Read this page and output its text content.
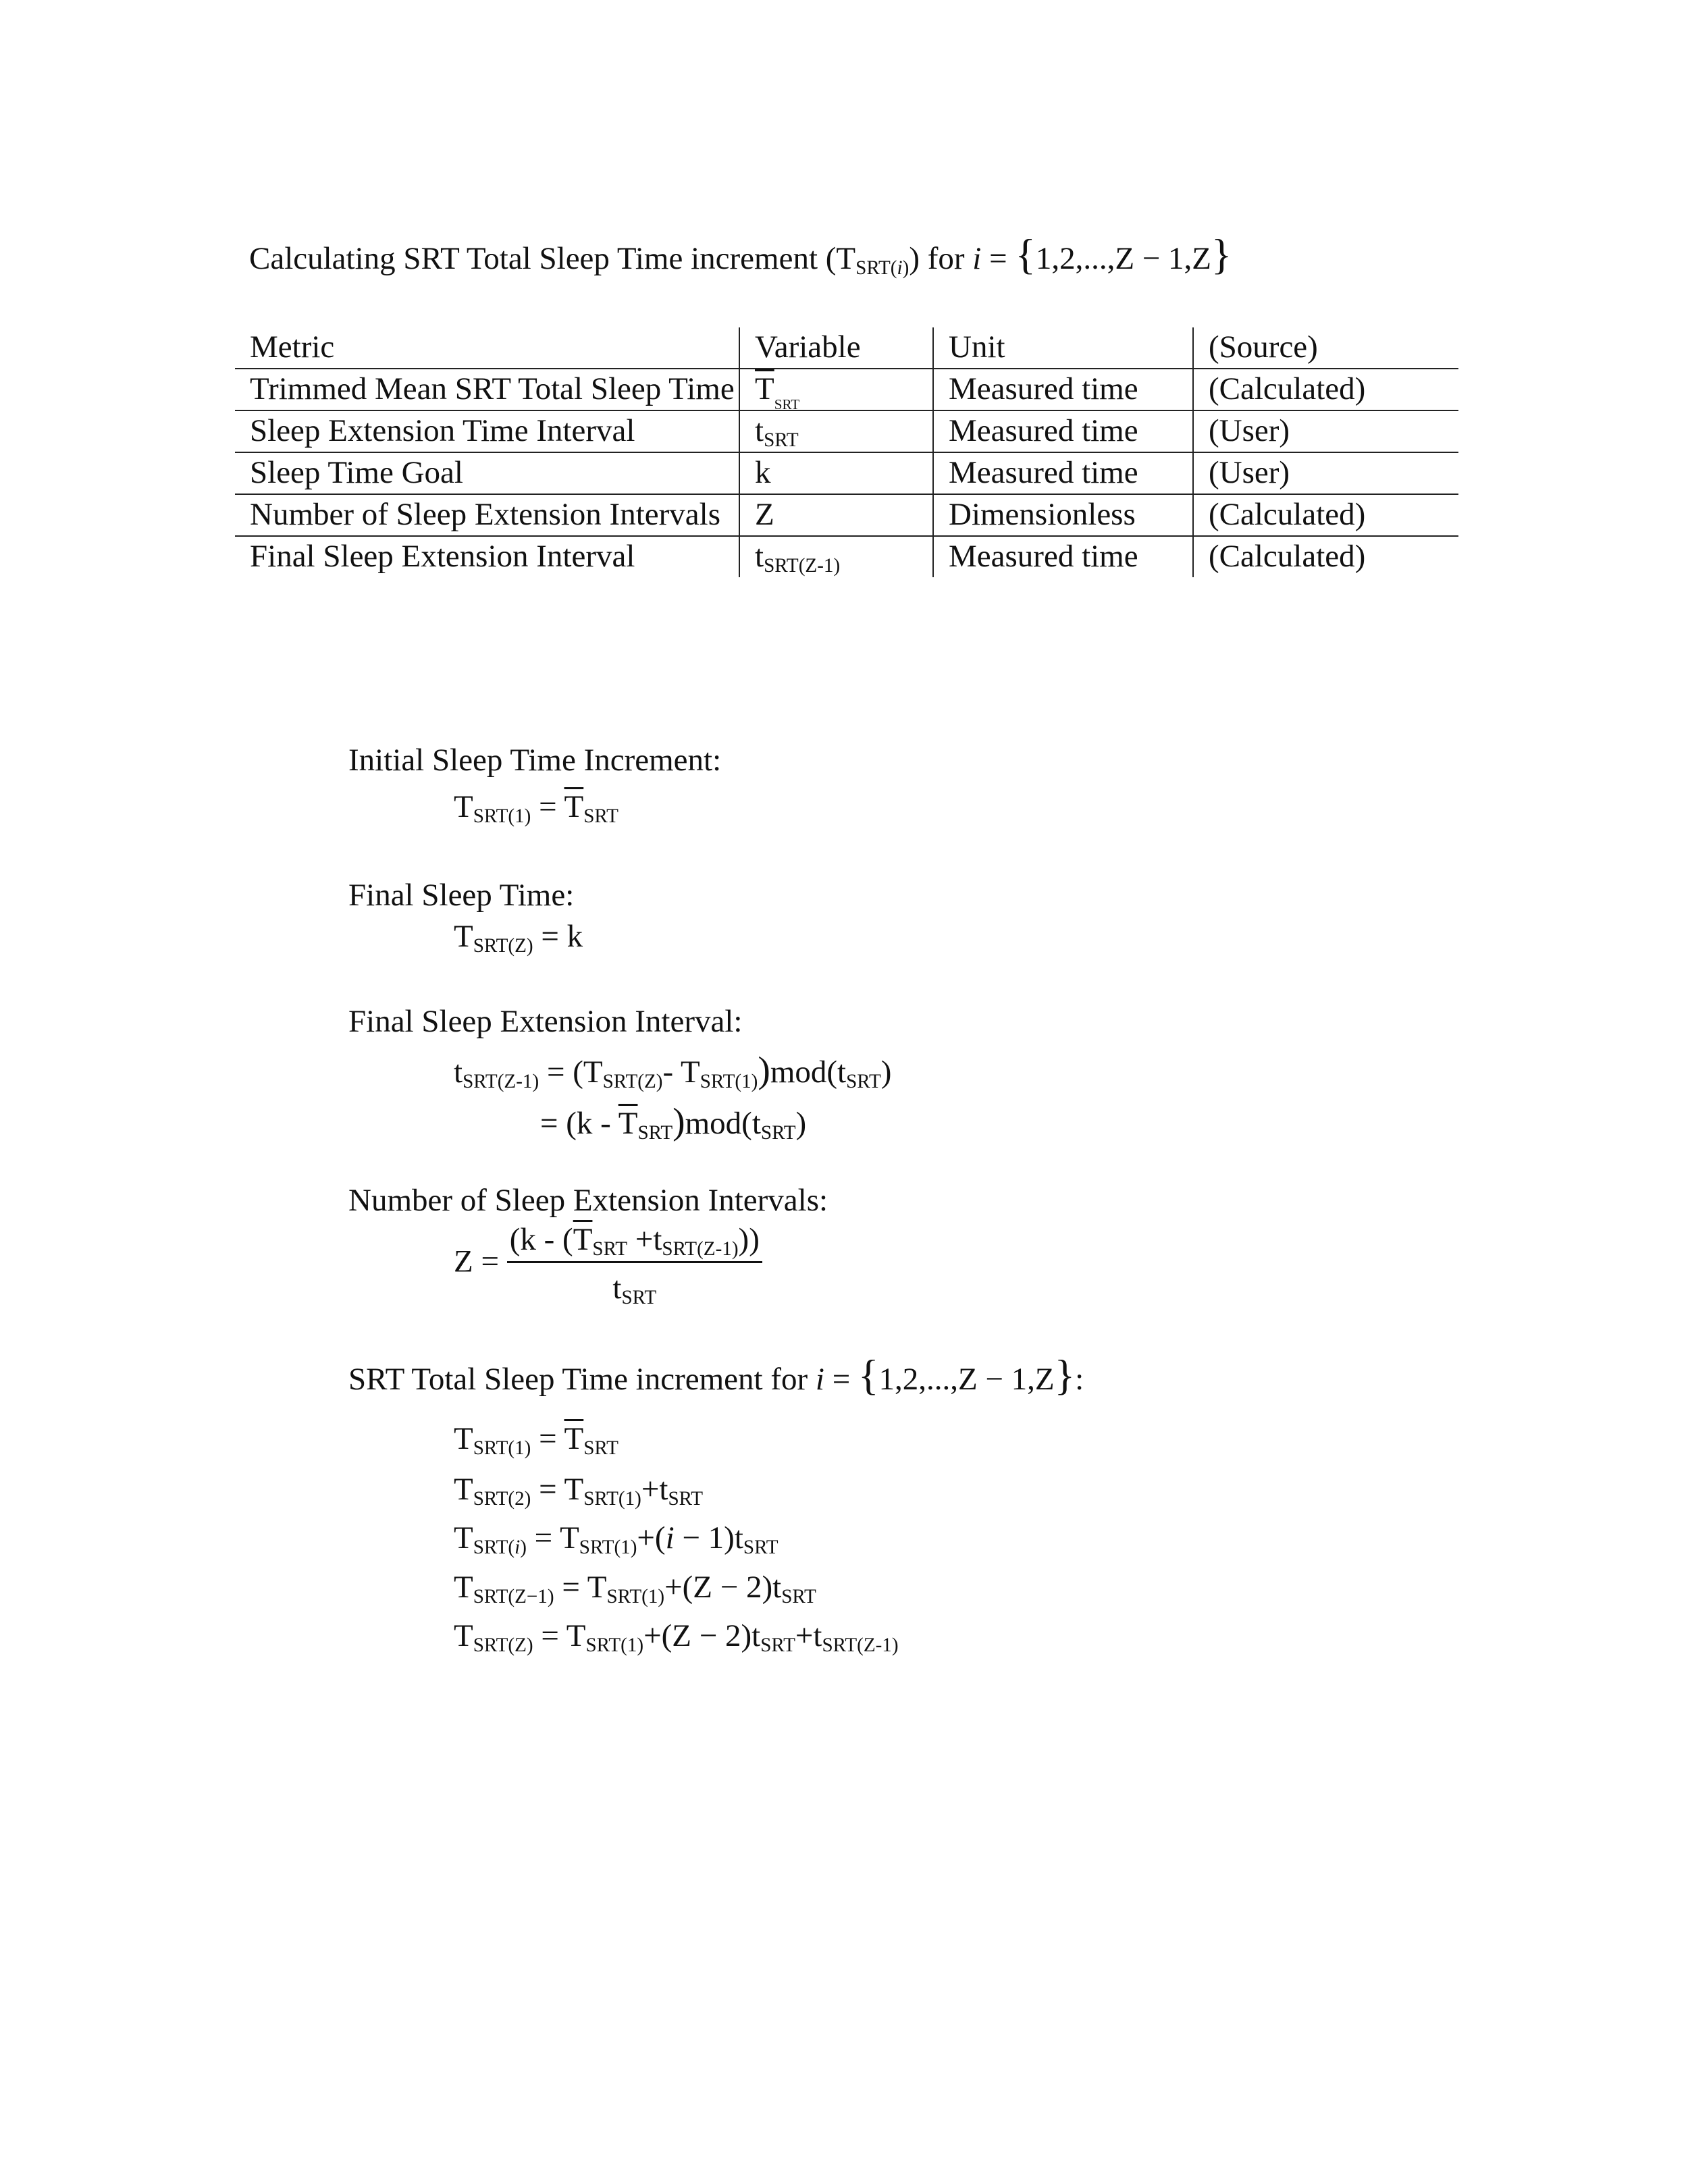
Calculating SRT Total Sleep Time increment $(T_{SRT(i)})$ for i = {1,2,...,Z − 1,Z}
Metric	Variable	Unit	(Source)
Trimmed Mean SRT Total Sleep Time	$\overline{T}_{SRT}$	Measured time	(Calculated)
Sleep Extension Time Interval	$t_{SRT}$	Measured time	(User)
Sleep Time Goal	k	Measured time	(User)
Number of Sleep Extension Intervals	Z	Dimensionless	(Calculated)
Final Sleep Extension Interval	$t_{SRT(Z-1)}$	Measured time	(Calculated)
Initial Sleep Time Increment:
$T_{SRT(1)} = \overline{T}_{SRT}$
Final Sleep Time:
$T_{SRT(Z)} = k$
Final Sleep Extension Interval:
$t_{SRT(Z-1)} = (T_{SRT(Z)}-$ $T_{SRT(1)})mod(t_{SRT})$
= $(k - \overline{T}_{SRT})mod(t_{SRT})$
Number of Sleep Extension Intervals:
$Z = \frac{(k - (\overline{T}_{SRT} +t_{SRT(Z-1)}))}{t_{SRT}}$
SRT Total Sleep Time increment for i = {1,2,...,Z − 1,Z}:
$T_{SRT(1)} = \overline{T}_{SRT}$
$T_{SRT(2)} = T_{SRT(1)}+t_{SRT}$
$T_{SRT(i)} = T_{SRT(1)}+(i - 1)t_{SRT}$
$T_{SRT(Z-1)} = T_{SRT(1)}+(Z - 2)t_{SRT}$
$T_{SRT(Z)} = T_{SRT(1)}+(Z - 2)t_{SRT}+t_{SRT(Z-1)}$
